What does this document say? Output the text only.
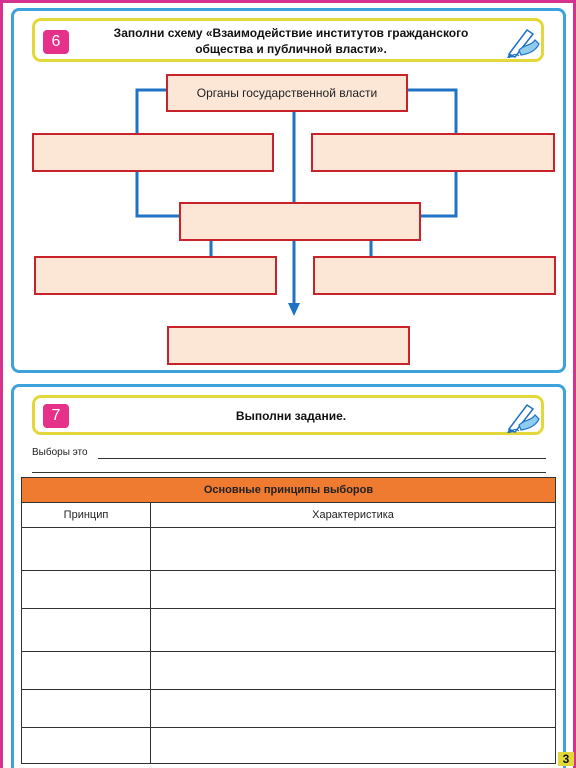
6	Заполни схему «Взаимодействие институтов гражданского
общества и публичной власти».
Органы государственной власти
7	Выполни задание.
Выборы это
Основные принципы выборов	
Принцип	Характеристика

3
